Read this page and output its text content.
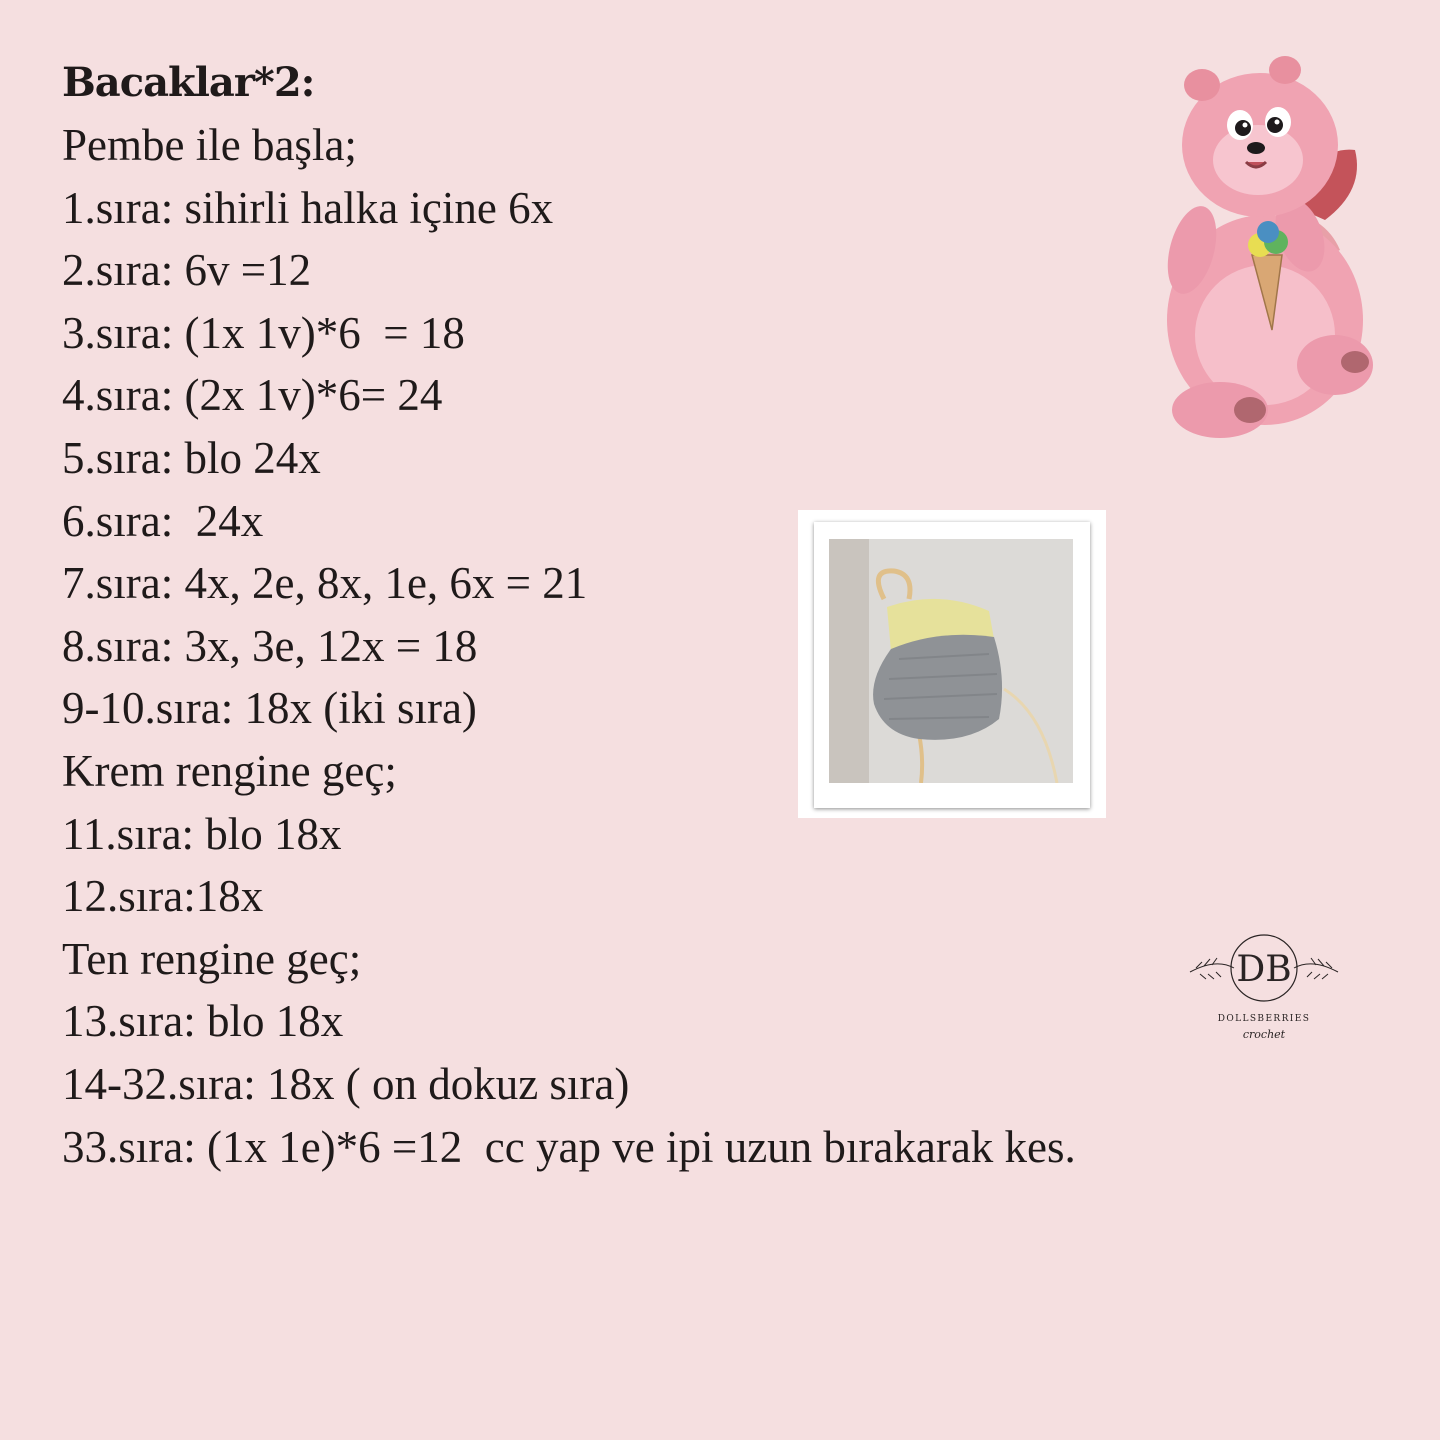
Bacaklar*2:

Pembe ile başla;

1.sıra: sihirli halka içine 6x

2.sıra: 6v =12

3.sıra: (1x 1v)*6  = 18

4.sıra: (2x 1v)*6= 24

5.sıra: blo 24x

6.sıra:  24x

7.sıra: 4x, 2e, 8x, 1e, 6x = 21

8.sıra: 3x, 3e, 12x = 18

9-10.sıra: 18x (iki sıra)

Krem rengine geç;

11.sıra: blo 18x

12.sıra:18x

Ten rengine geç;

13.sıra: blo 18x

14-32.sıra: 18x ( on dokuz sıra)

33.sıra: (1x 1e)*6 =12  cc yap ve ipi uzun bırakarak kes.

DB
DOLLSBERRIES
crochet
